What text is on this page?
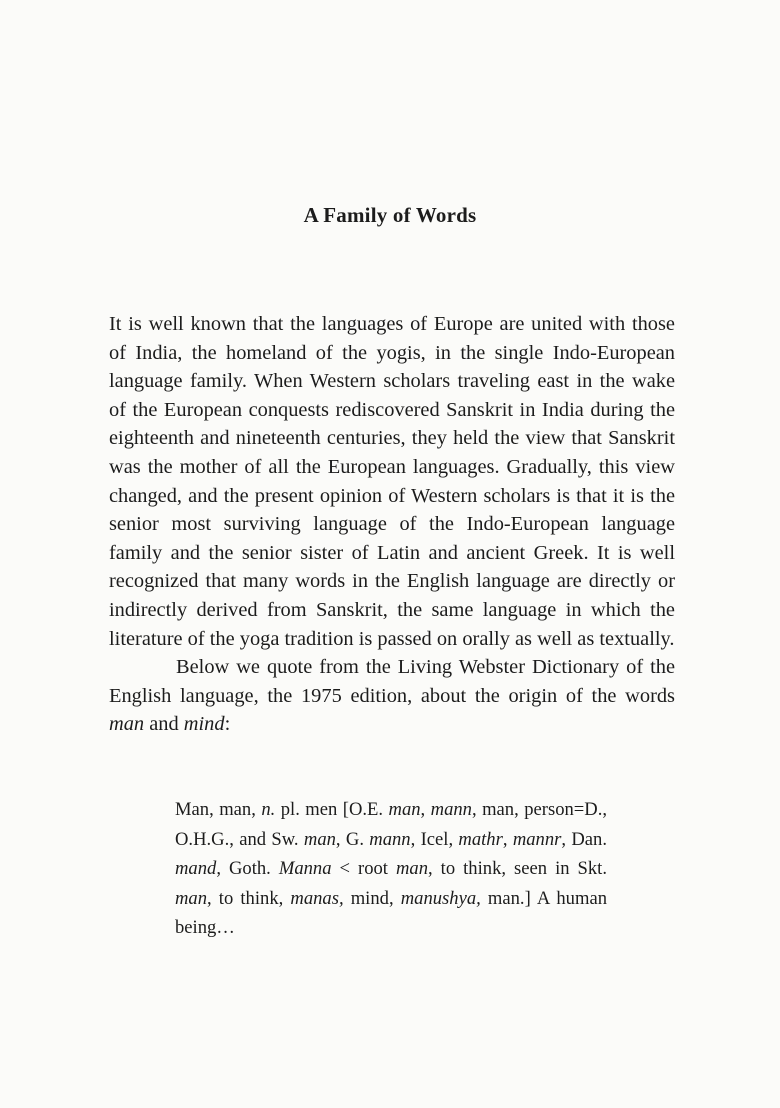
A Family of Words

It is well known that the languages of Europe are united with those of India, the homeland of the yogis, in the single Indo-European language family. When Western scholars traveling east in the wake of the European conquests rediscovered Sanskrit in India during the eighteenth and nineteenth centuries, they held the view that Sanskrit was the mother of all the European languages. Gradually, this view changed, and the present opinion of Western scholars is that it is the senior most surviving language of the Indo-European language family and the senior sister of Latin and ancient Greek. It is well recognized that many words in the English language are directly or indirectly derived from Sanskrit, the same language in which the literature of the yoga tradition is passed on orally as well as textually.

Below we quote from the Living Webster Dictionary of the English language, the 1975 edition, about the origin of the words man and mind:

Man, man, n. pl. men [O.E. man, mann, man, person=D., O.H.G., and Sw. man, G. mann, Icel, mathr, mannr, Dan. mand, Goth. Manna < root man, to think, seen in Skt. man, to think, manas, mind, manushya, man.] A human being…
